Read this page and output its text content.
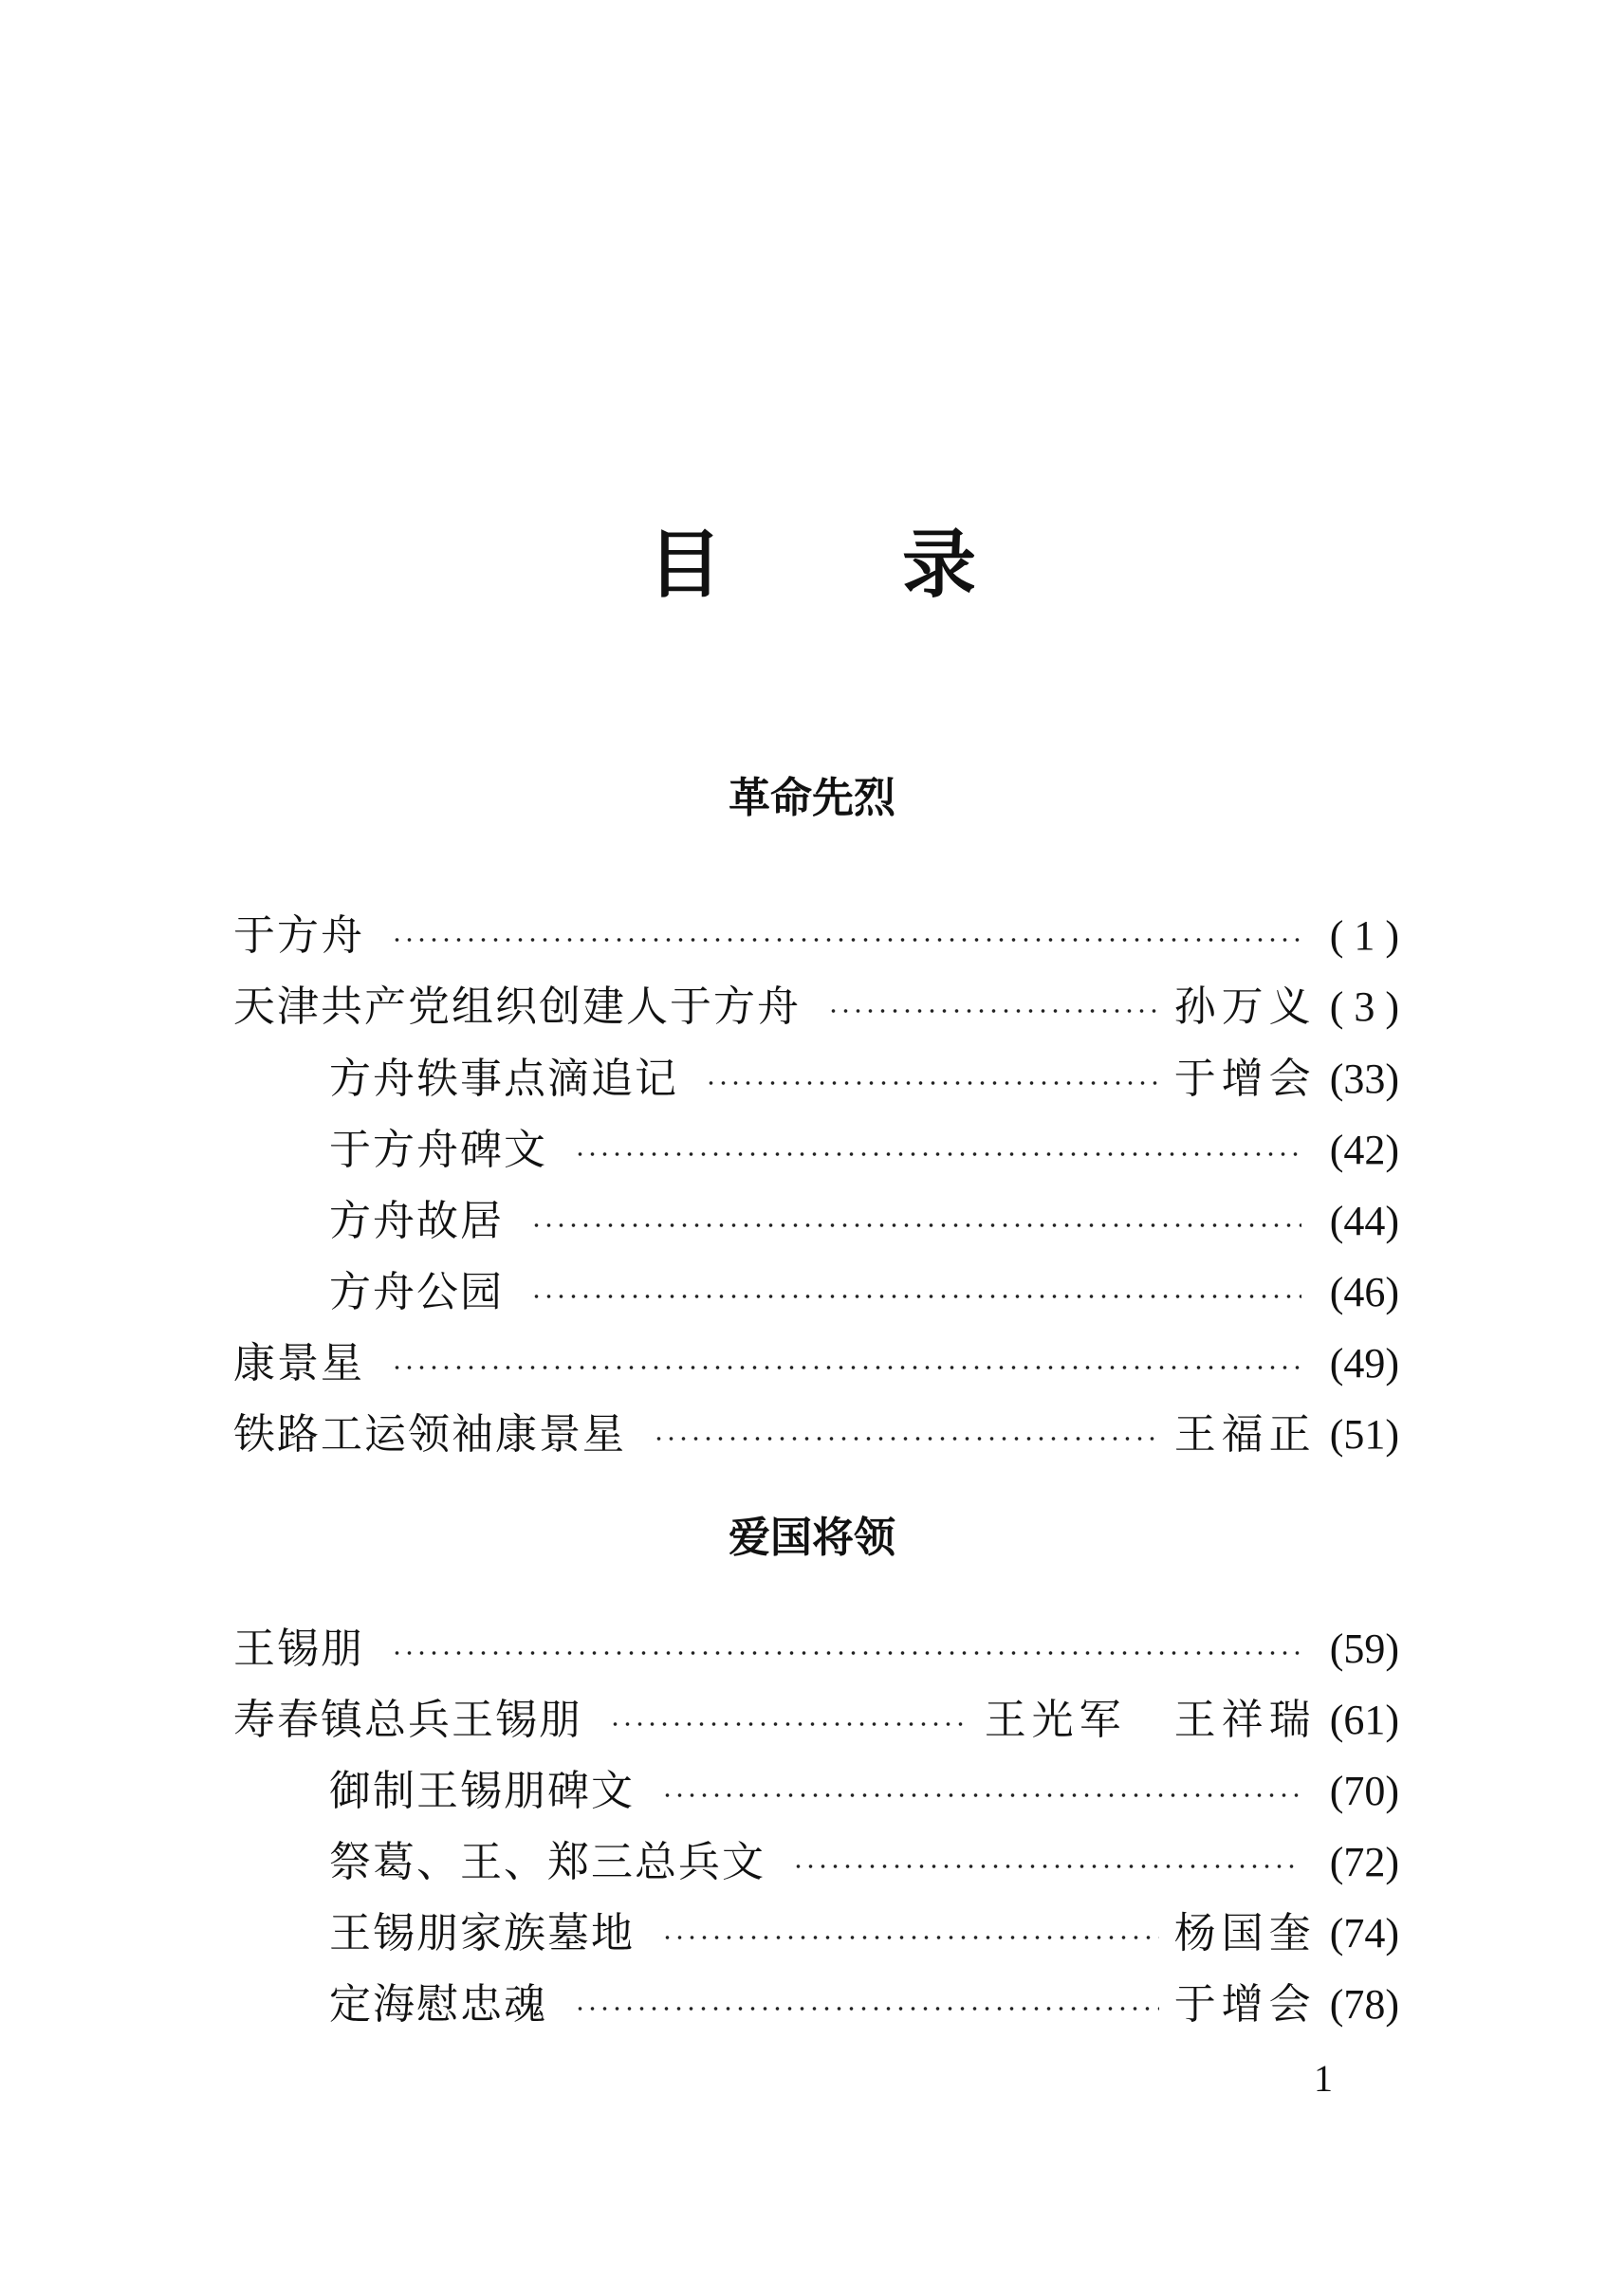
目 录
革命先烈
于方舟	( 1 )
天津共产党组织创建人于方舟	孙万义 ( 3 )
方舟轶事点滴追记	于增会 (33)
于方舟碑文	(42)
方舟故居	(44)
方舟公园	(46)
康景星	(49)
铁路工运领袖康景星	王福正 (51)
爱国将领
王锡朋	(59)
寿春镇总兵王锡朋	王光军　王祥瑞 (61)
御制王锡朋碑文	(70)
祭葛、王、郑三总兵文	(72)
王锡朋家族墓地	杨国奎 (74)
定海慰忠魂	于增会 (78)
1
